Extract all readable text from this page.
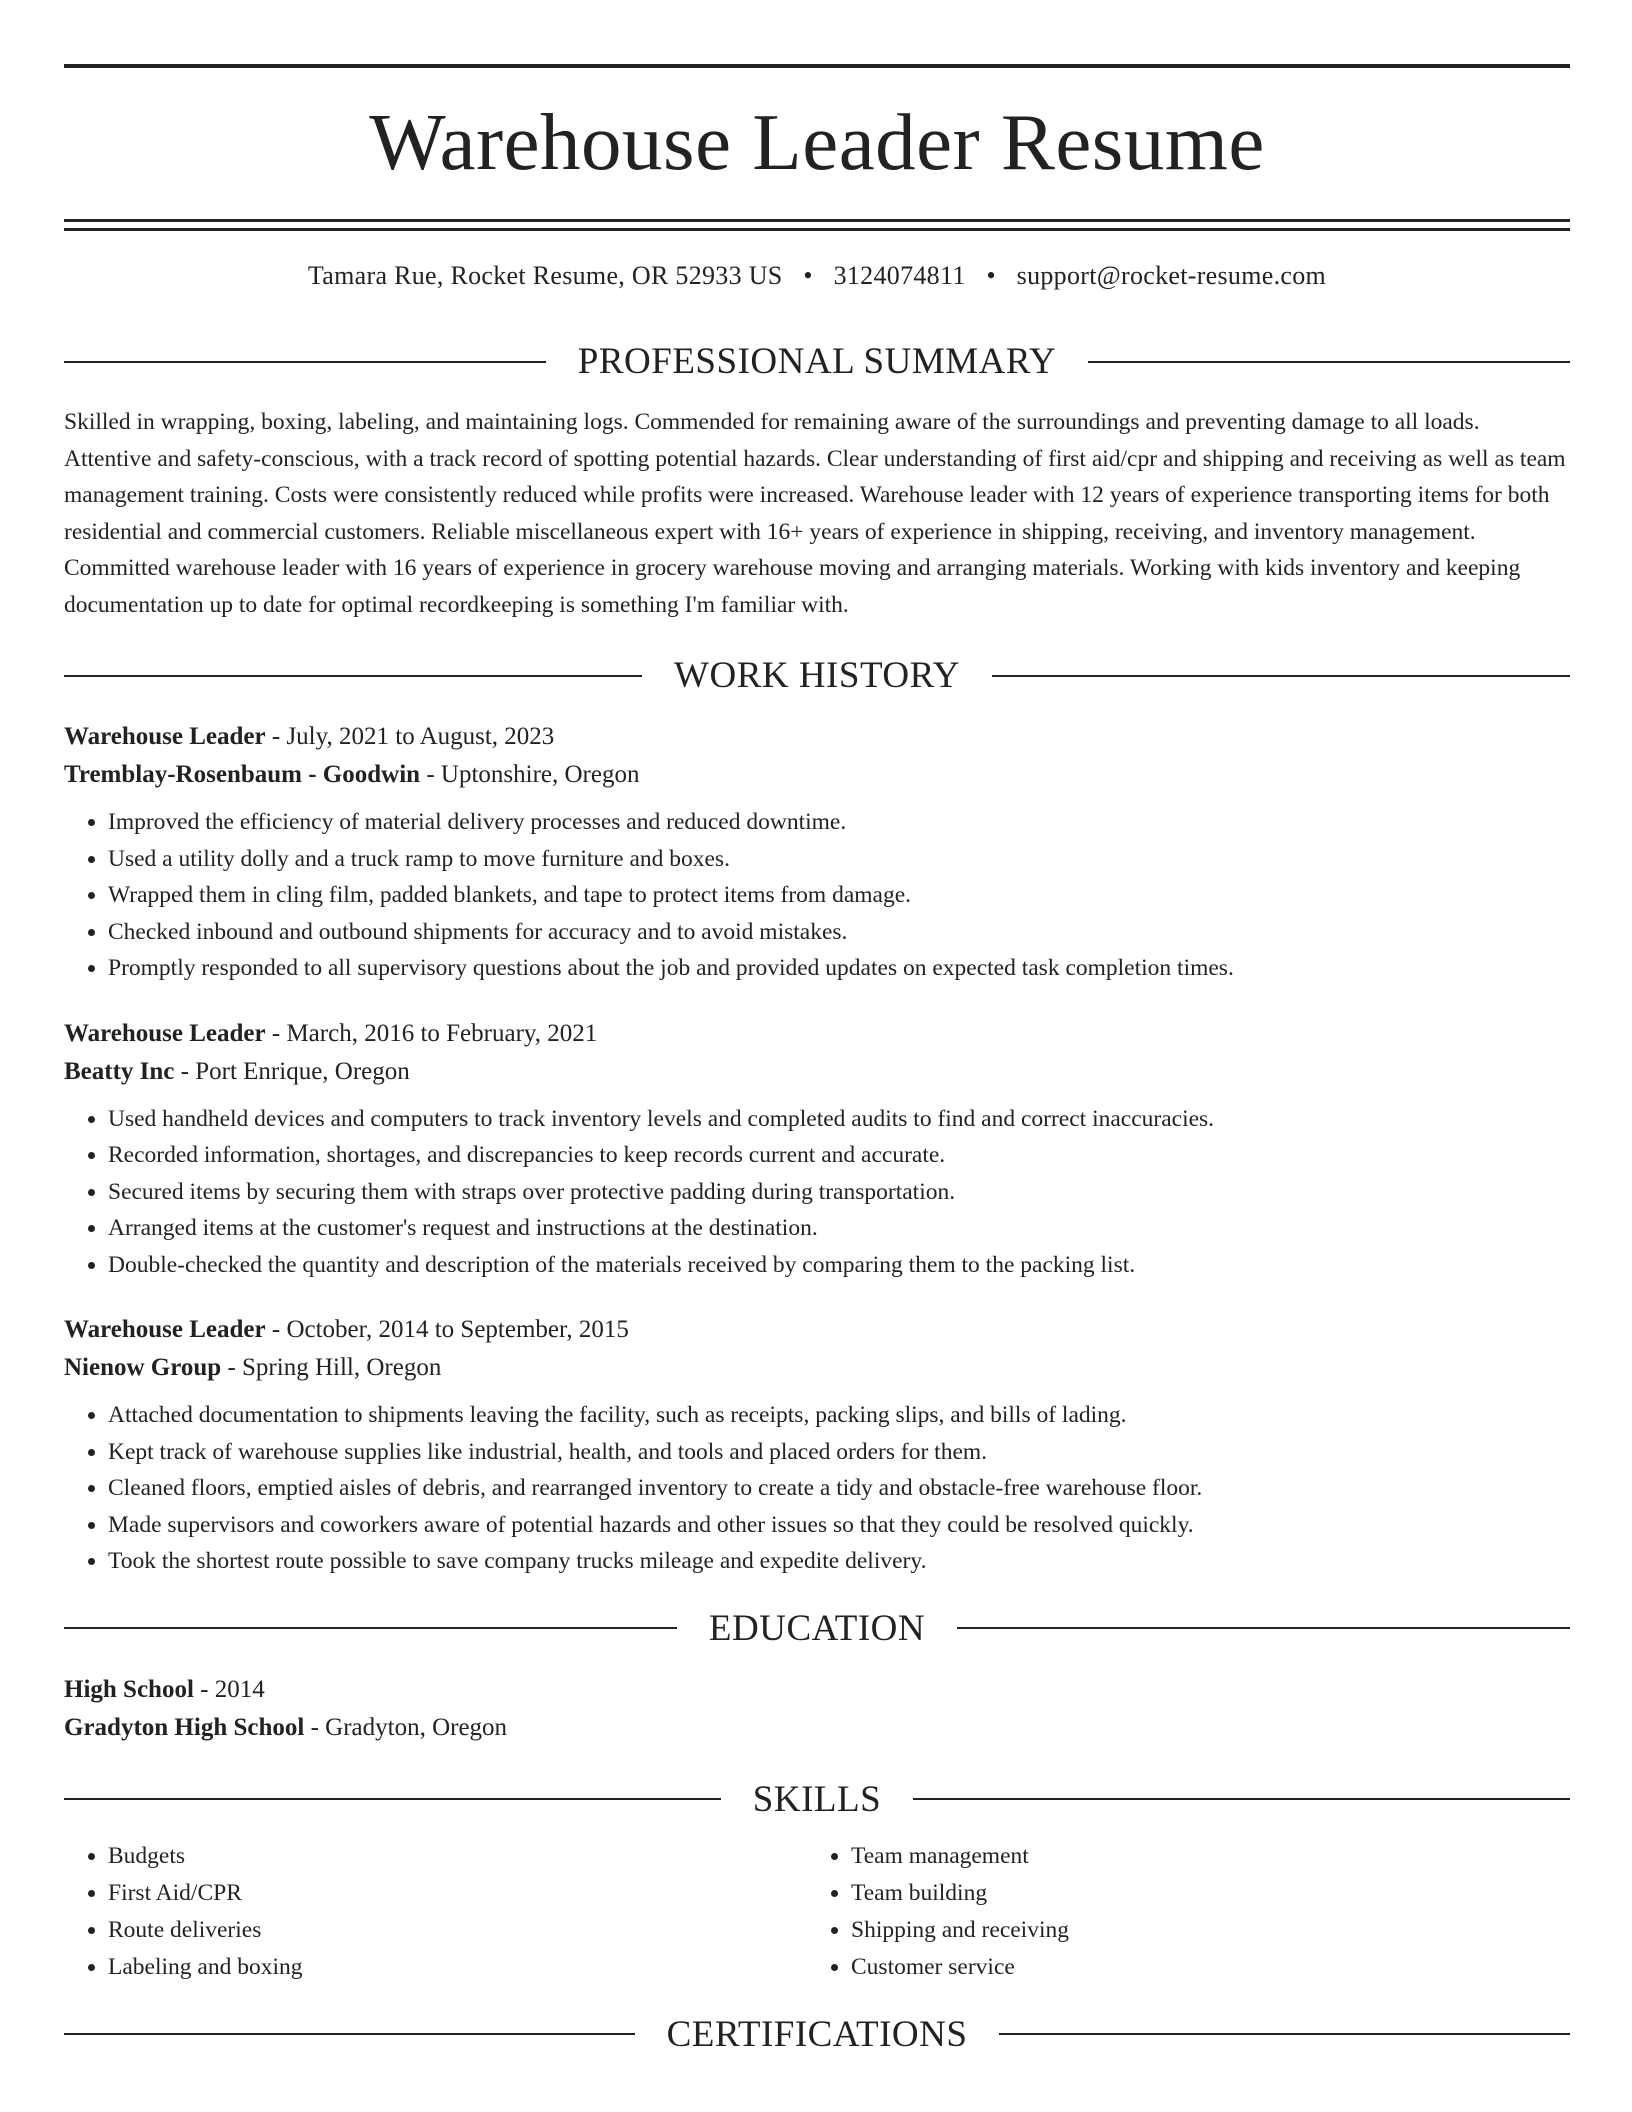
Warehouse Leader Resume
Tamara Rue, Rocket Resume, OR 52933 US • 3124074811 • support@rocket-resume.com
PROFESSIONAL SUMMARY

Skilled in wrapping, boxing, labeling, and maintaining logs. Commended for remaining aware of the surroundings and preventing damage to all loads. Attentive and safety-conscious, with a track record of spotting potential hazards. Clear understanding of first aid/cpr and shipping and receiving as well as team management training. Costs were consistently reduced while profits were increased. Warehouse leader with 12 years of experience transporting items for both residential and commercial customers. Reliable miscellaneous expert with 16+ years of experience in shipping, receiving, and inventory management. Committed warehouse leader with 16 years of experience in grocery warehouse moving and arranging materials. Working with kids inventory and keeping documentation up to date for optimal recordkeeping is something I'm familiar with.

WORK HISTORY
Warehouse Leader - July, 2021 to August, 2023
Tremblay-Rosenbaum - Goodwin - Uptonshire, Oregon
• Improved the efficiency of material delivery processes and reduced downtime.
• Used a utility dolly and a truck ramp to move furniture and boxes.
• Wrapped them in cling film, padded blankets, and tape to protect items from damage.
• Checked inbound and outbound shipments for accuracy and to avoid mistakes.
• Promptly responded to all supervisory questions about the job and provided updates on expected task completion times.
Warehouse Leader - March, 2016 to February, 2021
Beatty Inc - Port Enrique, Oregon
• Used handheld devices and computers to track inventory levels and completed audits to find and correct inaccuracies.
• Recorded information, shortages, and discrepancies to keep records current and accurate.
• Secured items by securing them with straps over protective padding during transportation.
• Arranged items at the customer's request and instructions at the destination.
• Double-checked the quantity and description of the materials received by comparing them to the packing list.
Warehouse Leader - October, 2014 to September, 2015
Nienow Group - Spring Hill, Oregon
• Attached documentation to shipments leaving the facility, such as receipts, packing slips, and bills of lading.
• Kept track of warehouse supplies like industrial, health, and tools and placed orders for them.
• Cleaned floors, emptied aisles of debris, and rearranged inventory to create a tidy and obstacle-free warehouse floor.
• Made supervisors and coworkers aware of potential hazards and other issues so that they could be resolved quickly.
• Took the shortest route possible to save company trucks mileage and expedite delivery.
EDUCATION
High School - 2014
Gradyton High School - Gradyton, Oregon
SKILLS
• Budgets
• First Aid/CPR
• Route deliveries
• Labeling and boxing
• Team management
• Team building
• Shipping and receiving
• Customer service
CERTIFICATIONS
